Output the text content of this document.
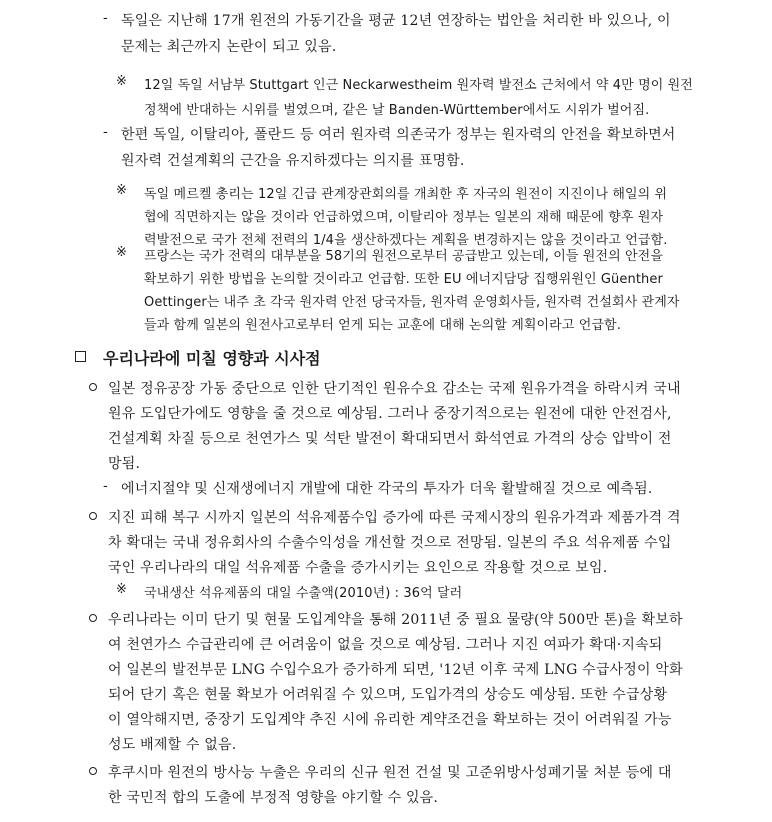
- 독일은 지난해 17개 원전의 가동기간을 평균 12년 연장하는 법안을 처리한 바 있으나, 이
문제는 최근까지 논란이 되고 있음.
※ 12일 독일 서남부 Stuttgart 인근 Neckarwestheim 원자력 발전소 근처에서 약 4만 명이 원전
정책에 반대하는 시위를 벌였으며, 같은 날 Banden-Württember에서도 시위가 벌어짐.
- 한편 독일, 이탈리아, 폴란드 등 여러 원자력 의존국가 정부는 원자력의 안전을 확보하면서
원자력 건설계획의 근간을 유지하겠다는 의지를 표명함.
※ 독일 메르켈 총리는 12일 긴급 관계장관회의를 개최한 후 자국의 원전이 지진이나 해일의 위
협에 직면하지는 않을 것이라 언급하였으며, 이탈리아 정부는 일본의 재해 때문에 향후 원자
력발전으로 국가 전체 전력의 1/4을 생산하겠다는 계획을 변경하지는 않을 것이라고 언급함.
※ 프랑스는 국가 전력의 대부분을 58기의 원전으로부터 공급받고 있는데, 이들 원전의 안전을
확보하기 위한 방법을 논의할 것이라고 언급함. 또한 EU 에너지담당 집행위원인 Güenther
Oettinger는 내주 초 각국 원자력 안전 당국자들, 원자력 운영회사들, 원자력 건설회사 관계자
들과 함께 일본의 원전사고로부터 얻게 되는 교훈에 대해 논의할 계획이라고 언급함.
우리나라에 미칠 영향과 시사점
일본 정유공장 가동 중단으로 인한 단기적인 원유수요 감소는 국제 원유가격을 하락시켜 국내
원유 도입단가에도 영향을 줄 것으로 예상됨. 그러나 중장기적으로는 원전에 대한 안전검사,
건설계획 차질 등으로 천연가스 및 석탄 발전이 확대되면서 화석연료 가격의 상승 압박이 전
망됨.
- 에너지절약 및 신재생에너지 개발에 대한 각국의 투자가 더욱 활발해질 것으로 예측됨.
지진 피해 복구 시까지 일본의 석유제품수입 증가에 따른 국제시장의 원유가격과 제품가격 격
차 확대는 국내 정유회사의 수출수익성을 개선할 것으로 전망됨. 일본의 주요 석유제품 수입
국인 우리나라의 대일 석유제품 수출을 증가시키는 요인으로 작용할 것으로 보임.
※ 국내생산 석유제품의 대일 수출액(2010년) : 36억 달러
우리나라는 이미 단기 및 현물 도입계약을 통해 2011년 중 필요 물량(약 500만 톤)을 확보하
여 천연가스 수급관리에 큰 어려움이 없을 것으로 예상됨. 그러나 지진 여파가 확대·지속되
어 일본의 발전부문 LNG 수입수요가 증가하게 되면, '12년 이후 국제 LNG 수급사정이 악화
되어 단기 혹은 현물 확보가 어려워질 수 있으며, 도입가격의 상승도 예상됨. 또한 수급상황
이 열악해지면, 중장기 도입계약 추진 시에 유리한 계약조건을 확보하는 것이 어려워질 가능
성도 배제할 수 없음.
후쿠시마 원전의 방사능 누출은 우리의 신규 원전 건설 및 고준위방사성폐기물 처분 등에 대
한 국민적 합의 도출에 부정적 영향을 야기할 수 있음.
